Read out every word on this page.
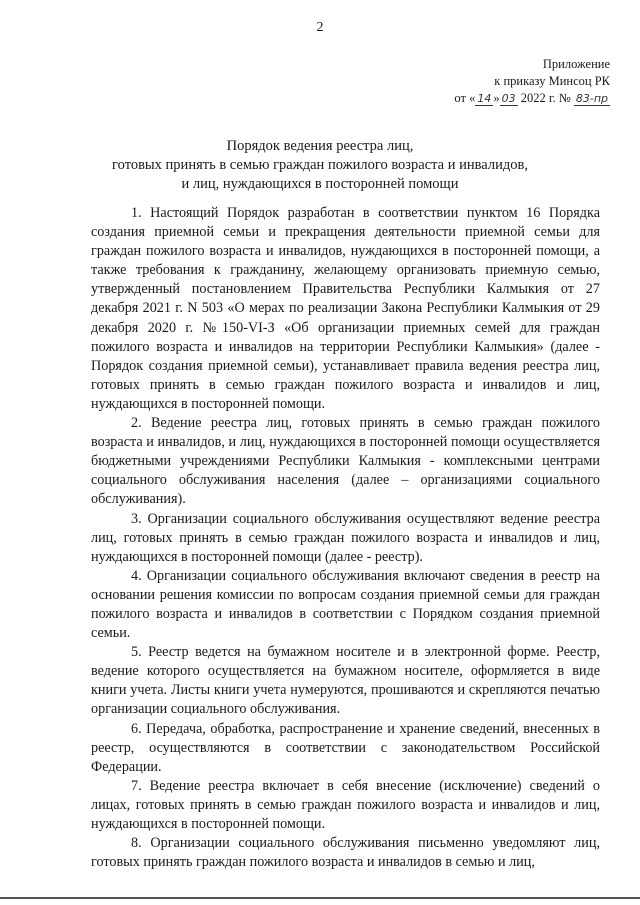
2
Приложение
к приказу Минсоц РК
от « 14 » 03 2022 г. № 83-пр
Порядок ведения реестра лиц,
готовых принять в семью граждан пожилого возраста и инвалидов,
и лиц, нуждающихся в посторонней помощи

1. Настоящий Порядок разработан в соответствии пунктом 16 Порядка создания приемной семьи и прекращения деятельности приемной семьи для граждан пожилого возраста и инвалидов, нуждающихся в посторонней помощи, а также требования к гражданину, желающему организовать приемную семью, утвержденный постановлением Правительства Республики Калмыкия от 27 декабря 2021 г. N 503 «О мерах по реализации Закона Республики Калмыкия от 29 декабря 2020 г. №150-VI-З «Об организации приемных семей для граждан пожилого возраста и инвалидов на территории Республики Калмыкия» (далее - Порядок создания приемной семьи), устанавливает правила ведения реестра лиц, готовых принять в семью граждан пожилого возраста и инвалидов и лиц, нуждающихся в посторонней помощи.

2. Ведение реестра лиц, готовых принять в семью граждан пожилого возраста и инвалидов, и лиц, нуждающихся в посторонней помощи осуществляется бюджетными учреждениями Республики Калмыкия - комплексными центрами социального обслуживания населения (далее – организациями социального обслуживания).

3. Организации социального обслуживания осуществляют ведение реестра лиц, готовых принять в семью граждан пожилого возраста и инвалидов и лиц, нуждающихся в посторонней помощи (далее - реестр).

4. Организации социального обслуживания включают сведения в реестр на основании решения комиссии по вопросам создания приемной семьи для граждан пожилого возраста и инвалидов в соответствии с Порядком создания приемной семьи.

5. Реестр ведется на бумажном носителе и в электронной форме. Реестр, ведение которого осуществляется на бумажном носителе, оформляется в виде книги учета. Листы книги учета нумеруются, прошиваются и скрепляются печатью организации социального обслуживания.

6. Передача, обработка, распространение и хранение сведений, внесенных в реестр, осуществляются в соответствии с законодательством Российской Федерации.

7. Ведение реестра включает в себя внесение (исключение) сведений о лицах, готовых принять в семью граждан пожилого возраста и инвалидов и лиц, нуждающихся в посторонней помощи.

8. Организации социального обслуживания письменно уведомляют лиц, готовых принять граждан пожилого возраста и инвалидов в семью и лиц,
